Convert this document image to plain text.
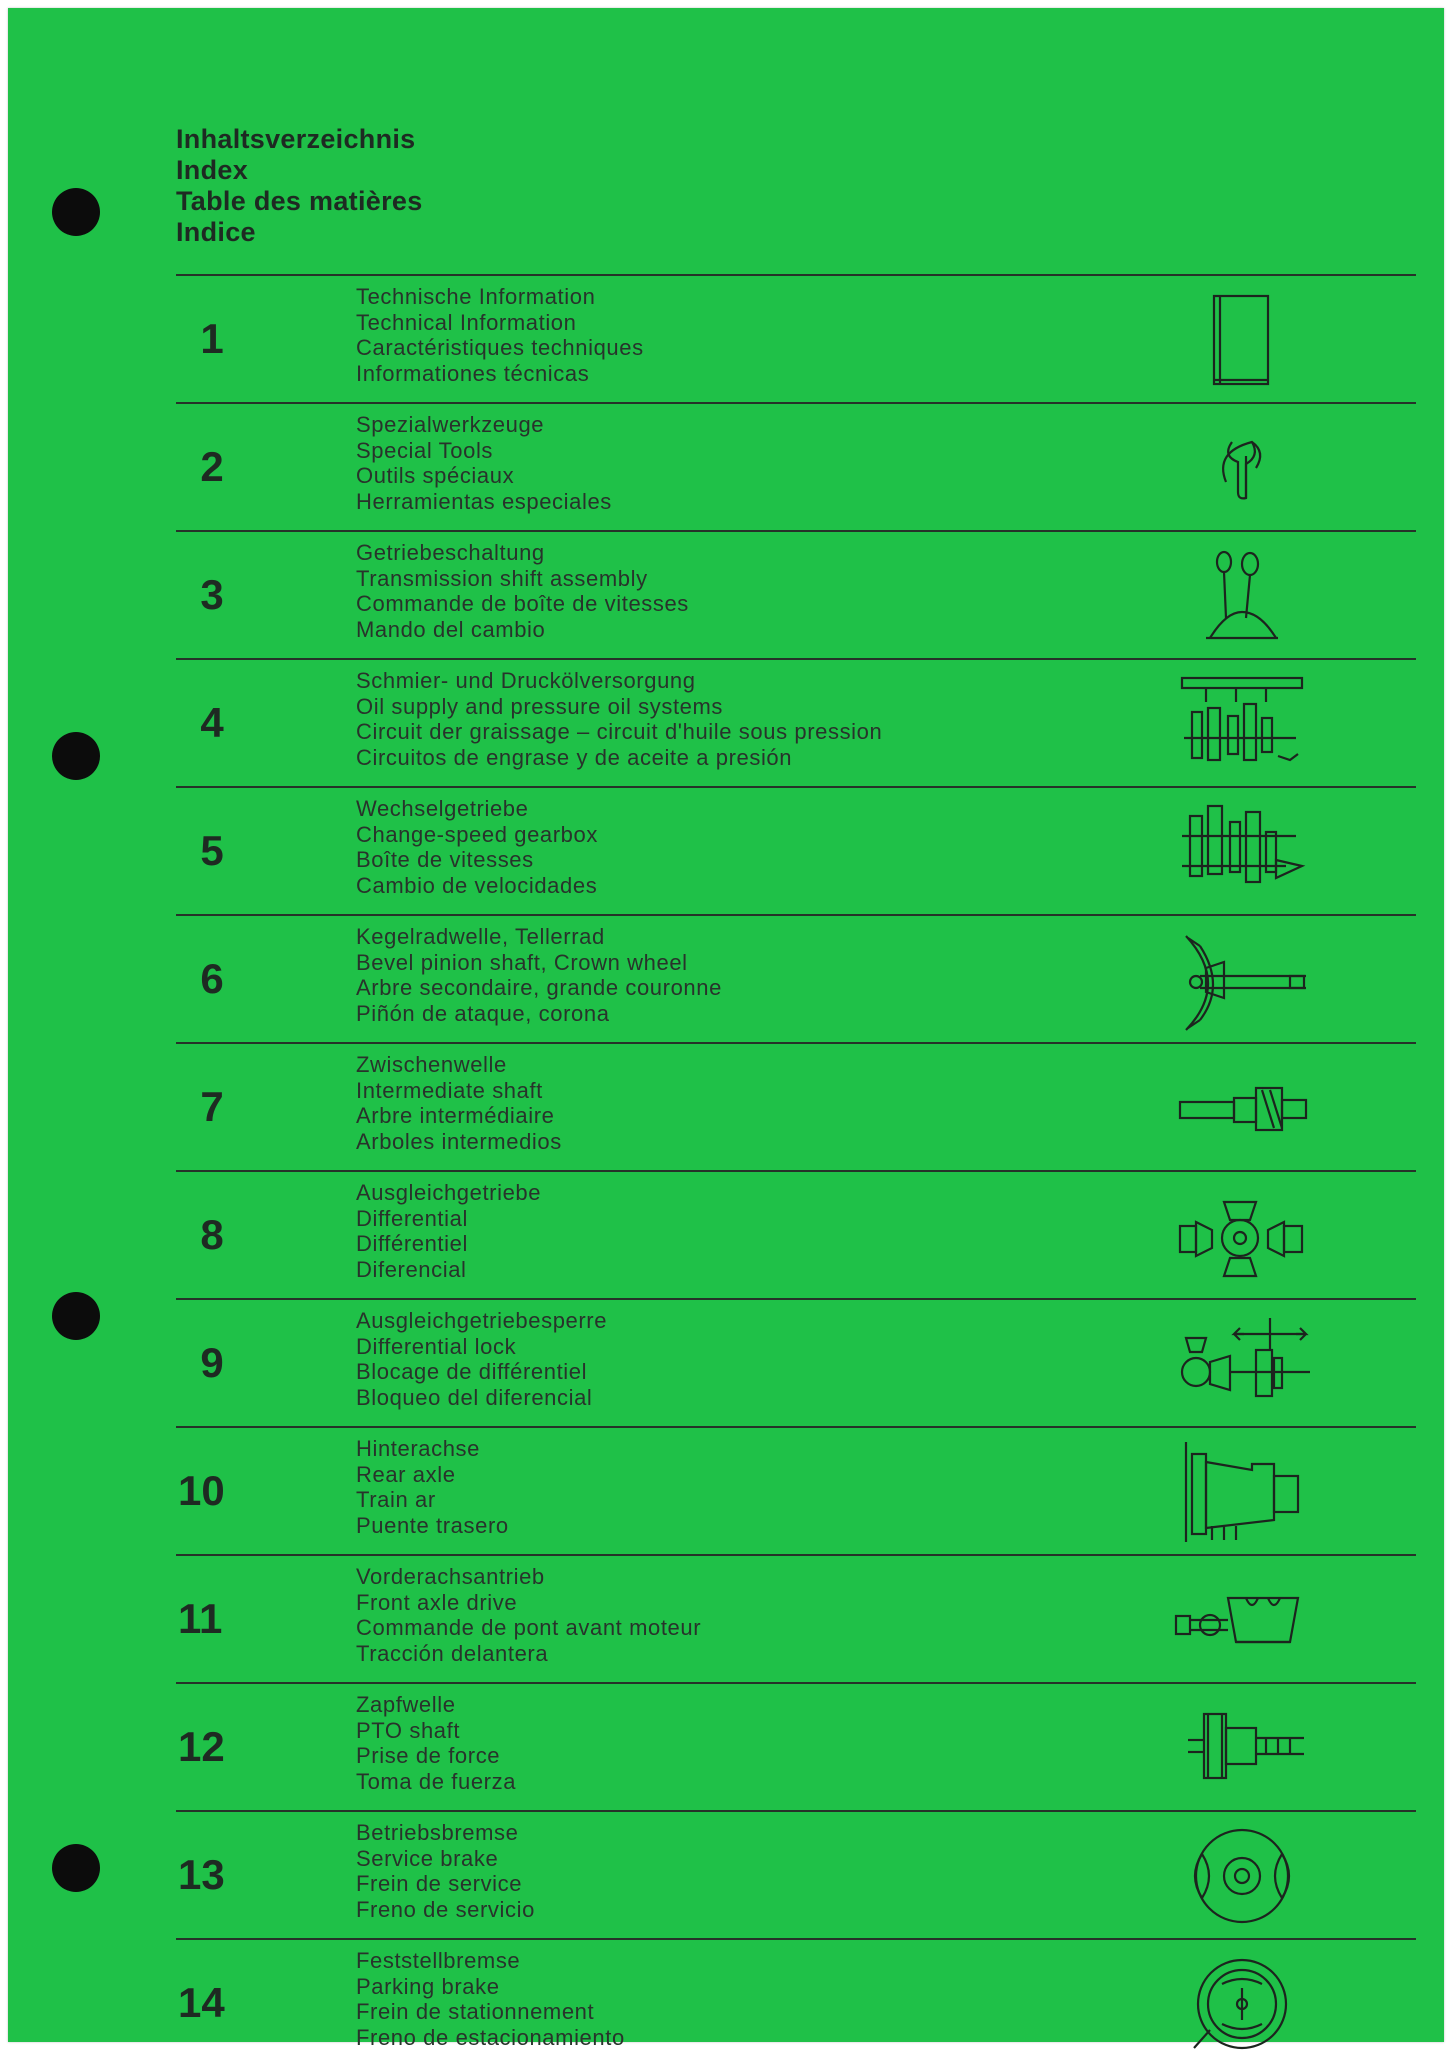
Inhaltsverzeichnis
Index
Table des matières
Indice
1
Technische Information
Technical Information
Caractéristiques techniques
Informationes técnicas
2
Spezialwerkzeuge
Special Tools
Outils spéciaux
Herramientas especiales
3
Getriebeschaltung
Transmission shift assembly
Commande de boîte de vitesses
Mando del cambio
4
Schmier- und Druckölversorgung
Oil supply and pressure oil systems
Circuit der graissage – circuit d'huile sous pression
Circuitos de engrase y de aceite a presión
5
Wechselgetriebe
Change-speed gearbox
Boîte de vitesses
Cambio de velocidades
6
Kegelradwelle, Tellerrad
Bevel pinion shaft, Crown wheel
Arbre secondaire, grande couronne
Piñón de ataque, corona
7
Zwischenwelle
Intermediate shaft
Arbre intermédiaire
Arboles intermedios
8
Ausgleichgetriebe
Differential
Différentiel
Diferencial
9
Ausgleichgetriebesperre
Differential lock
Blocage de différentiel
Bloqueo del diferencial
10
Hinterachse
Rear axle
Train ar
Puente trasero
11
Vorderachsantrieb
Front axle drive
Commande de pont avant moteur
Tracción delantera
12
Zapfwelle
PTO shaft
Prise de force
Toma de fuerza
13
Betriebsbremse
Service brake
Frein de service
Freno de servicio
14
Feststellbremse
Parking brake
Frein de stationnement
Freno de estacionamiento
